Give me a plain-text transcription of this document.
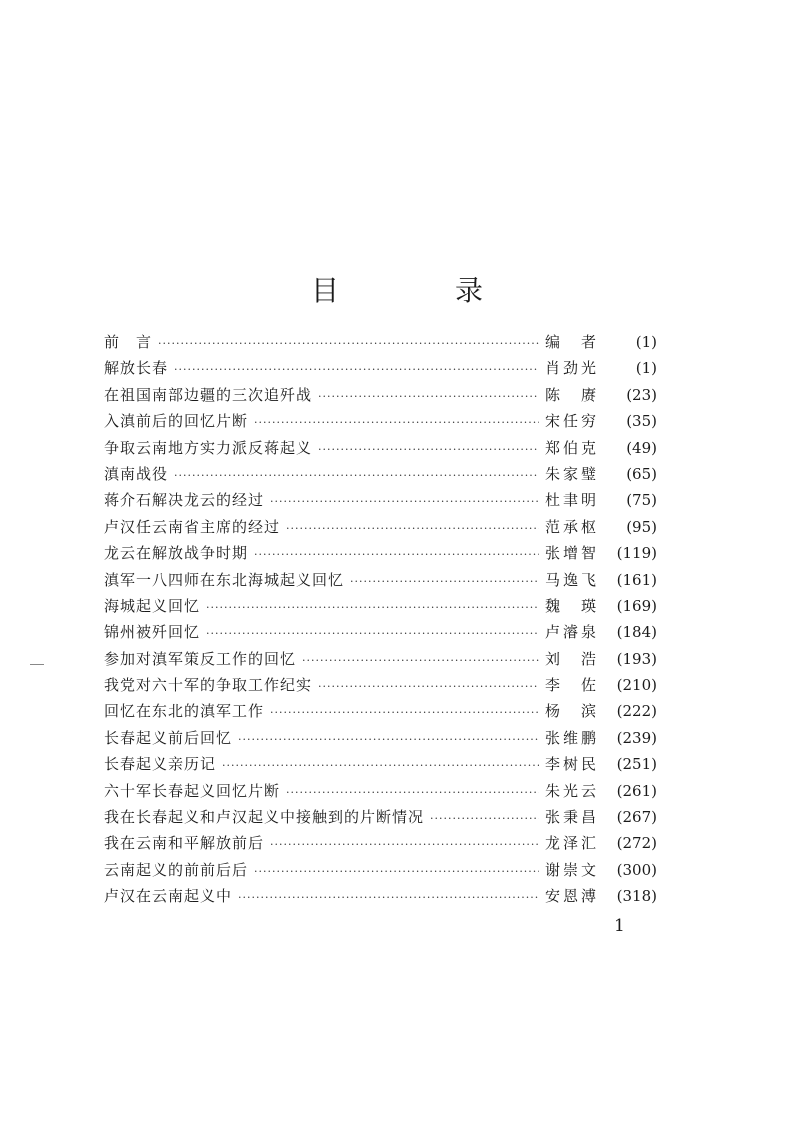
目　录
前　言 ·····	编　者	(1)
解放长春 ·····	肖劲光	(1)
在祖国南部边疆的三次追歼战 ·····	陈　赓	(23)
入滇前后的回忆片断 ·····	宋任穷	(35)
争取云南地方实力派反蒋起义 ·····	郑伯克	(49)
滇南战役 ·····	朱家璧	(65)
蒋介石解决龙云的经过 ·····	杜聿明	(75)
卢汉任云南省主席的经过 ·····	范承枢	(95)
龙云在解放战争时期 ·····	张增智	(119)
滇军一八四师在东北海城起义回忆 ·····	马逸飞	(161)
海城起义回忆 ·····	魏　瑛	(169)
锦州被歼回忆 ·····	卢濬泉	(184)
参加对滇军策反工作的回忆 ·····	刘　浩	(193)
我党对六十军的争取工作纪实 ·····	李　佐	(210)
回忆在东北的滇军工作 ·····	杨　滨	(222)
长春起义前后回忆 ·····	张维鹏	(239)
长春起义亲历记 ·····	李树民	(251)
六十军长春起义回忆片断 ·····	朱光云	(261)
我在长春起义和卢汉起义中接触到的片断情况 ·····	张秉昌	(267)
我在云南和平解放前后 ·····	龙泽汇	(272)
云南起义的前前后后 ·····	谢崇文	(300)
卢汉在云南起义中 ·····	安恩溥	(318)
1
